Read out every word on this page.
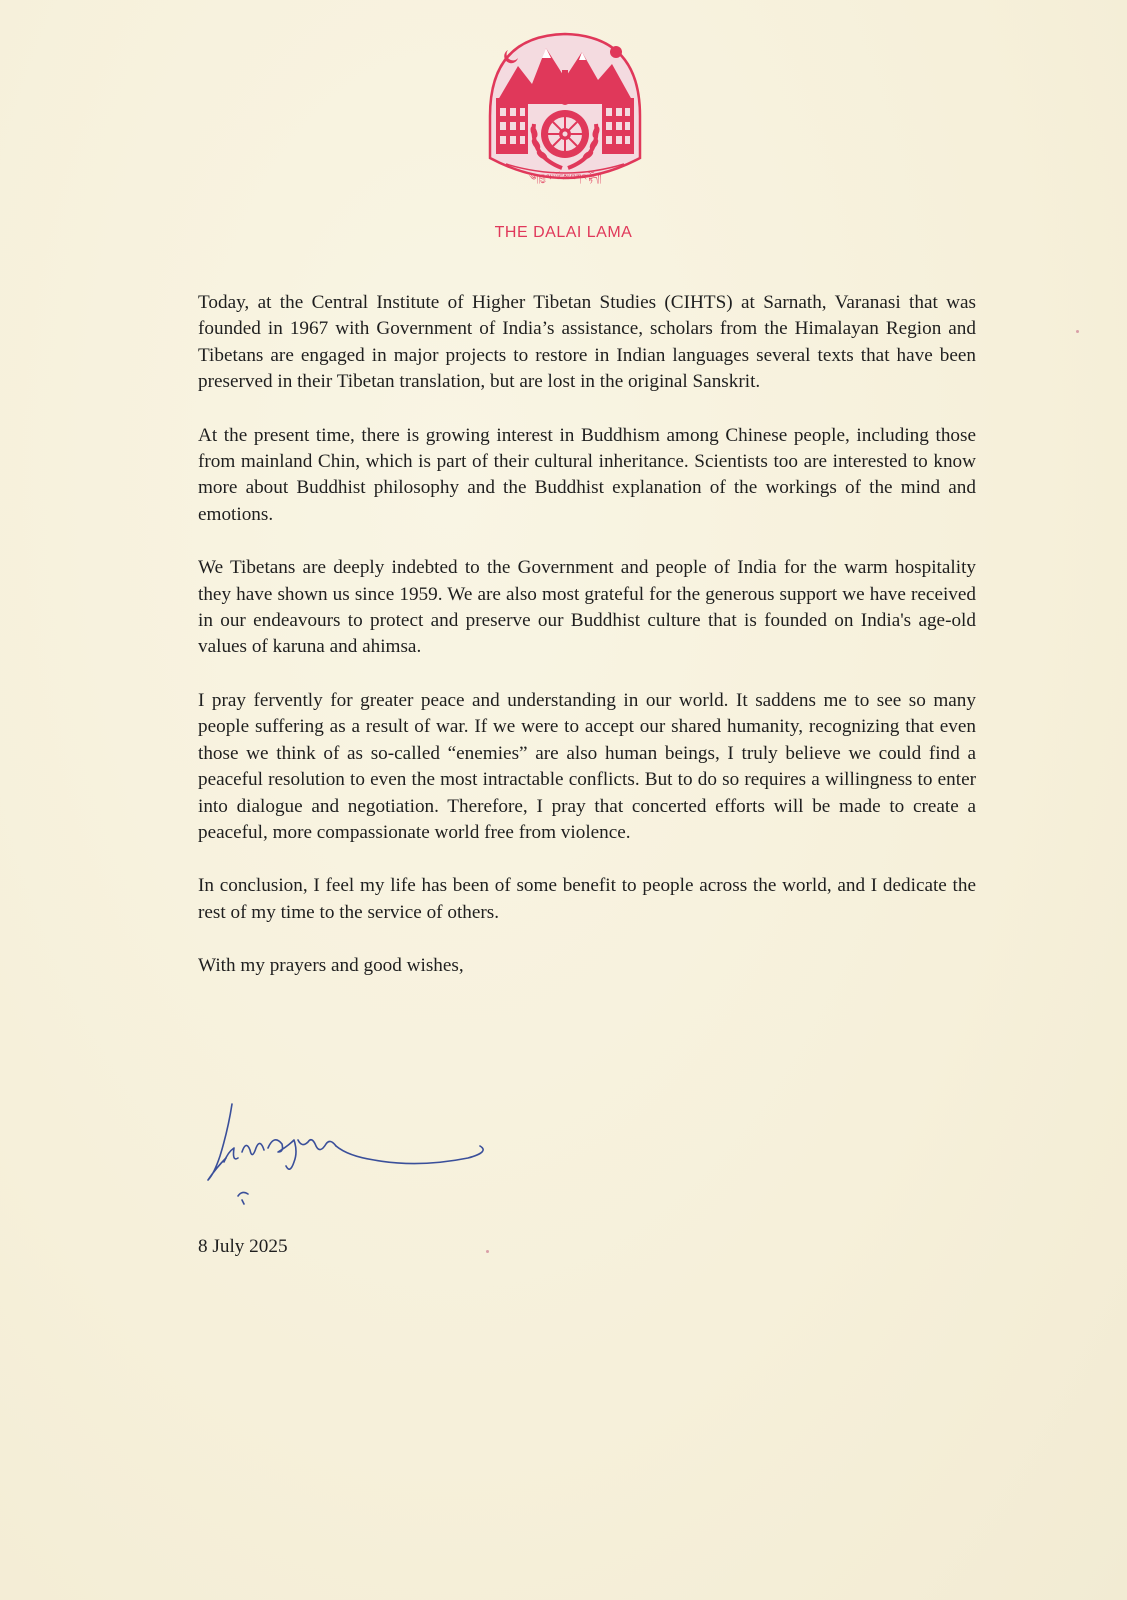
༄།།རྒྱལ་ཡོངས་བཀའ་སྟོད།།
THE DALAI LAMA

Today, at the Central Institute of Higher Tibetan Studies (CIHTS) at Sarnath, Varanasi that was founded in 1967 with Government of India’s assistance, scholars from the Himalayan Region and Tibetans are engaged in major projects to restore in Indian languages several texts that have been preserved in their Tibetan translation, but are lost in the original Sanskrit.

At the present time, there is growing interest in Buddhism among Chinese people, including those from mainland Chin, which is part of their cultural inheritance. Scientists too are interested to know more about Buddhist philosophy and the Buddhist explanation of the workings of the mind and emotions.

We Tibetans are deeply indebted to the Government and people of India for the warm hospitality they have shown us since 1959. We are also most grateful for the generous support we have received in our endeavours to protect and preserve our Buddhist culture that is founded on India's age-old values of karuna and ahimsa.

I pray fervently for greater peace and understanding in our world. It saddens me to see so many people suffering as a result of war. If we were to accept our shared humanity, recognizing that even those we think of as so-called “enemies” are also human beings, I truly believe we could find a peaceful resolution to even the most intractable conflicts. But to do so requires a willingness to enter into dialogue and negotiation. Therefore, I pray that concerted efforts will be made to create a peaceful, more compassionate world free from violence.

In conclusion, I feel my life has been of some benefit to people across the world, and I dedicate the rest of my time to the service of others.

With my prayers and good wishes,

8 July 2025
